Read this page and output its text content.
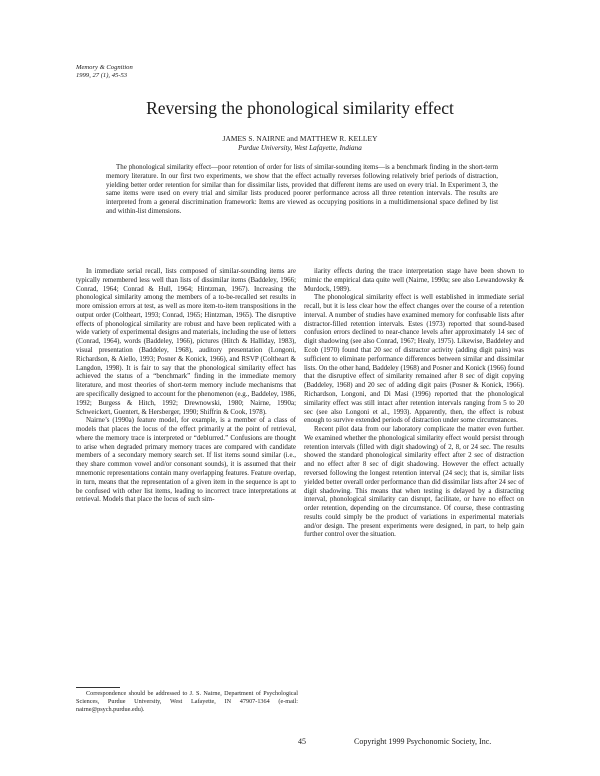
Memory & Cognition
1999, 27 (1), 45-53
Reversing the phonological similarity effect
JAMES S. NAIRNE and MATTHEW R. KELLEY
Purdue University, West Lafayette, Indiana

The phonological similarity effect—poor retention of order for lists of similar-sounding items—is a benchmark finding in the short-term memory literature. In our first two experiments, we show that the effect actually reverses following relatively brief periods of distraction, yielding better order retention for similar than for dissimilar lists, provided that different items are used on every trial. In Experiment 3, the same items were used on every trial and similar lists produced poorer performance across all three retention intervals. The results are interpreted from a general discrimination framework: Items are viewed as occupying positions in a multidimensional space defined by list and within-list dimensions.

In immediate serial recall, lists composed of similar-sounding items are typically remembered less well than lists of dissimilar items (Baddeley, 1966; Conrad, 1964; Conrad & Hull, 1964; Hintzman, 1967). Increasing the phonological similarity among the members of a to-be-recalled set results in more omission errors at test, as well as more item-to-item transpositions in the output order (Coltheart, 1993; Conrad, 1965; Hintzman, 1965). The disruptive effects of phonological similarity are robust and have been replicated with a wide variety of experimental designs and materials, including the use of letters (Conrad, 1964), words (Baddeley, 1966), pictures (Hitch & Halliday, 1983), visual presentation (Baddeley, 1968), auditory presentation (Longoni, Richardson, & Aiello, 1993; Posner & Konick, 1966), and RSVP (Coltheart & Langdon, 1998). It is fair to say that the phonological similarity effect has achieved the status of a “benchmark” finding in the immediate memory literature, and most theories of short-term memory include mechanisms that are specifically designed to account for the phenomenon (e.g., Baddeley, 1986, 1992; Burgess & Hitch, 1992; Drewnowski, 1980; Nairne, 1990a; Schweickert, Guentert, & Hersberger, 1990; Shiffrin & Cook, 1978).

Nairne’s (1990a) feature model, for example, is a member of a class of models that places the locus of the effect primarily at the point of retrieval, where the memory trace is interpreted or “deblurred.” Confusions are thought to arise when degraded primary memory traces are compared with candidate members of a secondary memory search set. If list items sound similar (i.e., they share common vowel and/or consonant sounds), it is assumed that their mnemonic representations contain many overlapping features. Feature overlap, in turn, means that the representation of a given item in the sequence is apt to be confused with other list items, leading to incorrect trace interpretations at retrieval. Models that place the locus of such sim-

ilarity effects during the trace interpretation stage have been shown to mimic the empirical data quite well (Nairne, 1990a; see also Lewandowsky & Murdock, 1989).

The phonological similarity effect is well established in immediate serial recall, but it is less clear how the effect changes over the course of a retention interval. A number of studies have examined memory for confusable lists after distractor-filled retention intervals. Estes (1973) reported that sound-based confusion errors declined to near-chance levels after approximately 14 sec of digit shadowing (see also Conrad, 1967; Healy, 1975). Likewise, Baddeley and Ecob (1970) found that 20 sec of distractor activity (adding digit pairs) was sufficient to eliminate performance differences between similar and dissimilar lists. On the other hand, Baddeley (1968) and Posner and Konick (1966) found that the disruptive effect of similarity remained after 8 sec of digit copying (Baddeley, 1968) and 20 sec of adding digit pairs (Posner & Konick, 1966). Richardson, Longoni, and Di Masi (1996) reported that the phonological similarity effect was still intact after retention intervals ranging from 5 to 20 sec (see also Longoni et al., 1993). Apparently, then, the effect is robust enough to survive extended periods of distraction under some circumstances.

Recent pilot data from our laboratory complicate the matter even further. We examined whether the phonological similarity effect would persist through retention intervals (filled with digit shadowing) of 2, 8, or 24 sec. The results showed the standard phonological similarity effect after 2 sec of distraction and no effect after 8 sec of digit shadowing. However the effect actually reversed following the longest retention interval (24 sec); that is, similar lists yielded better overall order performance than did dissimilar lists after 24 sec of digit shadowing. This means that when testing is delayed by a distracting interval, phonological similarity can disrupt, facilitate, or have no effect on order retention, depending on the circumstance. Of course, these contrasting results could simply be the product of variations in experimental materials and/or design. The present experiments were designed, in part, to help gain further control over the situation.

Correspondence should be addressed to J. S. Nairne, Department of Psychological Sciences, Purdue University, West Lafayette, IN 47907-1364 (e-mail: nairne@psych.purdue.edu).

45	Copyright 1999 Psychonomic Society, Inc.
